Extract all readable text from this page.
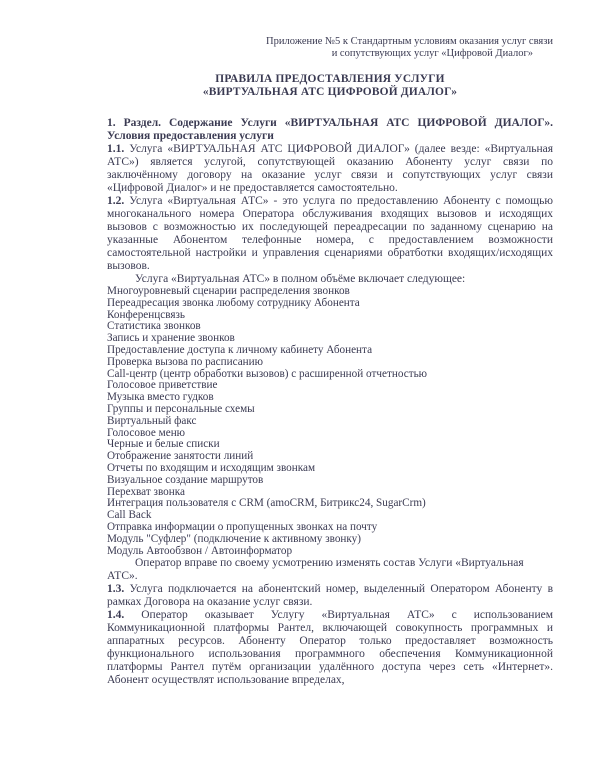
Приложение №5 к Стандартным условиям оказания услуг связи
и сопутствующих услуг «Цифровой Диалог»
ПРАВИЛА ПРЕДОСТАВЛЕНИЯ УСЛУГИ
«ВИРТУАЛЬНАЯ АТС ЦИФРОВОЙ ДИАЛОГ»
1. Раздел. Содержание Услуги «ВИРТУАЛЬНАЯ АТС ЦИФРОВОЙ ДИАЛОГ». Условия предоставления услуги

1.1. Услуга «ВИРТУАЛЬНАЯ АТС ЦИФРОВОЙ ДИАЛОГ» (далее везде: «Виртуальная АТС») является услугой, сопутствующей оказанию Абоненту услуг связи по заключённому договору на оказание услуг связи и сопутствующих услуг связи «Цифровой Диалог» и не предоставляется самостоятельно.

1.2. Услуга «Виртуальная АТС» - это услуга по предоставлению Абоненту с помощью многоканального номера Оператора обслуживания входящих вызовов и исходящих вызовов с возможностью их последующей переадресации по заданному сценарию на указанные Абонентом телефонные номера, с предоставлением возможности самостоятельной настройки и управления сценариями обратботки входящих/исходящих вызовов.

Услуга «Виртуальная АТС» в полном объёме включает следующее:

Многоуровневый сценарии распределения звонков
Переадресация звонка любому сотруднику Абонента
Конференцсвязь
Статистика звонков
Запись и хранение звонков
Предоставление доступа к личному кабинету Абонента
Проверка вызова по расписанию
Call-центр (центр обработки вызовов) с расширенной отчетностью
Голосовое приветствие
Музыка вместо гудков
Группы и персональные схемы
Виртуальный факс
Голосовое меню
Черные и белые списки
Отображение занятости линий
Отчеты по входящим и исходящим звонкам
Визуальное создание маршрутов
Перехват звонка
Интеграция пользователя с CRM (amoCRM, Битрикс24, SugarCrm)
Call Back
Отправка информации о пропущенных звонках на почту
Модуль "Суфлер" (подключение к активному звонку)
Модуль Автообзвон / Автоинформатор

Оператор вправе по своему усмотрению изменять состав Услуги «Виртуальная АТС».

1.3. Услуга подключается на абонентский номер, выделенный Оператором Абоненту в рамках Договора на оказание услуг связи.

1.4. Оператор оказывает Услугу «Виртуальная АТС» с использованием Коммуникационной платформы Рантел, включающей совокупность программных и аппаратных ресурсов. Абоненту Оператор только предоставляет возможность функционального использования программного обеспечения Коммуникационной платформы Рантел путём организации удалённого доступа через сеть «Интернет». Абонент осуществлят использование впределах,
